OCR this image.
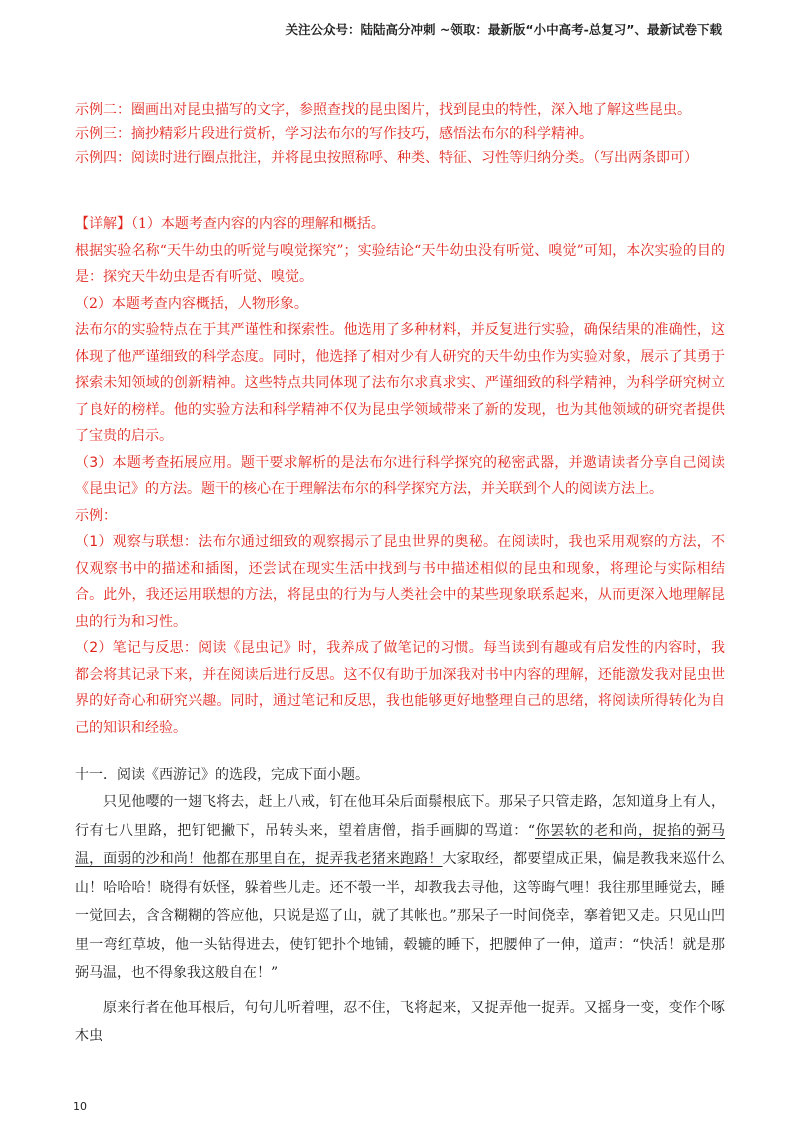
关注公众号：陆陆高分冲刺 ~领取：最新版“小中高考-总复习”、最新试卷下载
示例二：圈画出对昆虫描写的文字，参照查找的昆虫图片，找到昆虫的特性，深入地了解这些昆虫。
示例三：摘抄精彩片段进行赏析，学习法布尔的写作技巧，感悟法布尔的科学精神。
示例四：阅读时进行圈点批注，并将昆虫按照称呼、种类、特征、习性等归纳分类。（写出两条即可）
【详解】（1）本题考查内容的内容的理解和概括。
根据实验名称“天牛幼虫的听觉与嗅觉探究”；实验结论“天牛幼虫没有听觉、嗅觉”可知，本次实验的目的是：探究天牛幼虫是否有听觉、嗅觉。
（2）本题考查内容概括，人物形象。
法布尔的实验特点在于其严谨性和探索性。他选用了多种材料，并反复进行实验，确保结果的准确性，这体现了他严谨细致的科学态度。同时，他选择了相对少有人研究的天牛幼虫作为实验对象，展示了其勇于探索未知领域的创新精神。这些特点共同体现了法布尔求真求实、严谨细致的科学精神，为科学研究树立了良好的榜样。他的实验方法和科学精神不仅为昆虫学领域带来了新的发现，也为其他领域的研究者提供了宝贵的启示。
（3）本题考查拓展应用。题干要求解析的是法布尔进行科学探究的秘密武器，并邀请读者分享自己阅读《昆虫记》的方法。题干的核心在于理解法布尔的科学探究方法，并关联到个人的阅读方法上。
示例：
（1）观察与联想：法布尔通过细致的观察揭示了昆虫世界的奥秘。在阅读时，我也采用观察的方法，不仅观察书中的描述和插图，还尝试在现实生活中找到与书中描述相似的昆虫和现象，将理论与实际相结合。此外，我还运用联想的方法，将昆虫的行为与人类社会中的某些现象联系起来，从而更深入地理解昆虫的行为和习性。
（2）笔记与反思：阅读《昆虫记》时，我养成了做笔记的习惯。每当读到有趣或有启发性的内容时，我都会将其记录下来，并在阅读后进行反思。这不仅有助于加深我对书中内容的理解，还能激发我对昆虫世界的好奇心和研究兴趣。同时，通过笔记和反思，我也能够更好地整理自己的思绪，将阅读所得转化为自己的知识和经验。
十一．阅读《西游记》的选段，完成下面小题。
只见他嘤的一翅飞将去，赶上八戒，钉在他耳朵后面鬃根底下。那呆子只管走路，怎知道身上有人，行有七八里路，把钉钯撇下，吊转头来，望着唐僧，指手画脚的骂道：“你罢软的老和尚，捉掐的弼马温，面弱的沙和尚！他都在那里自在，捉弄我老猪来跑路！大家取经，都要望成正果，偏是教我来巡什么山！哈哈哈！晓得有妖怪，躲着些儿走。还不彀一半，却教我去寻他，这等晦气哩！我往那里睡觉去，睡一觉回去，含含糊糊的答应他，只说是巡了山，就了其帐也。”那呆子一时间侥幸，搴着钯又走。只见山凹里一弯红草坡，他一头钻得进去，使钉钯扑个地铺，毂辘的睡下，把腰伸了一伸，道声：“快活！就是那弼马温，也不得象我这般自在！”
原来行者在他耳根后，句句儿听着哩，忍不住，飞将起来，又捉弄他一捉弄。又摇身一变，变作个啄木虫
10
